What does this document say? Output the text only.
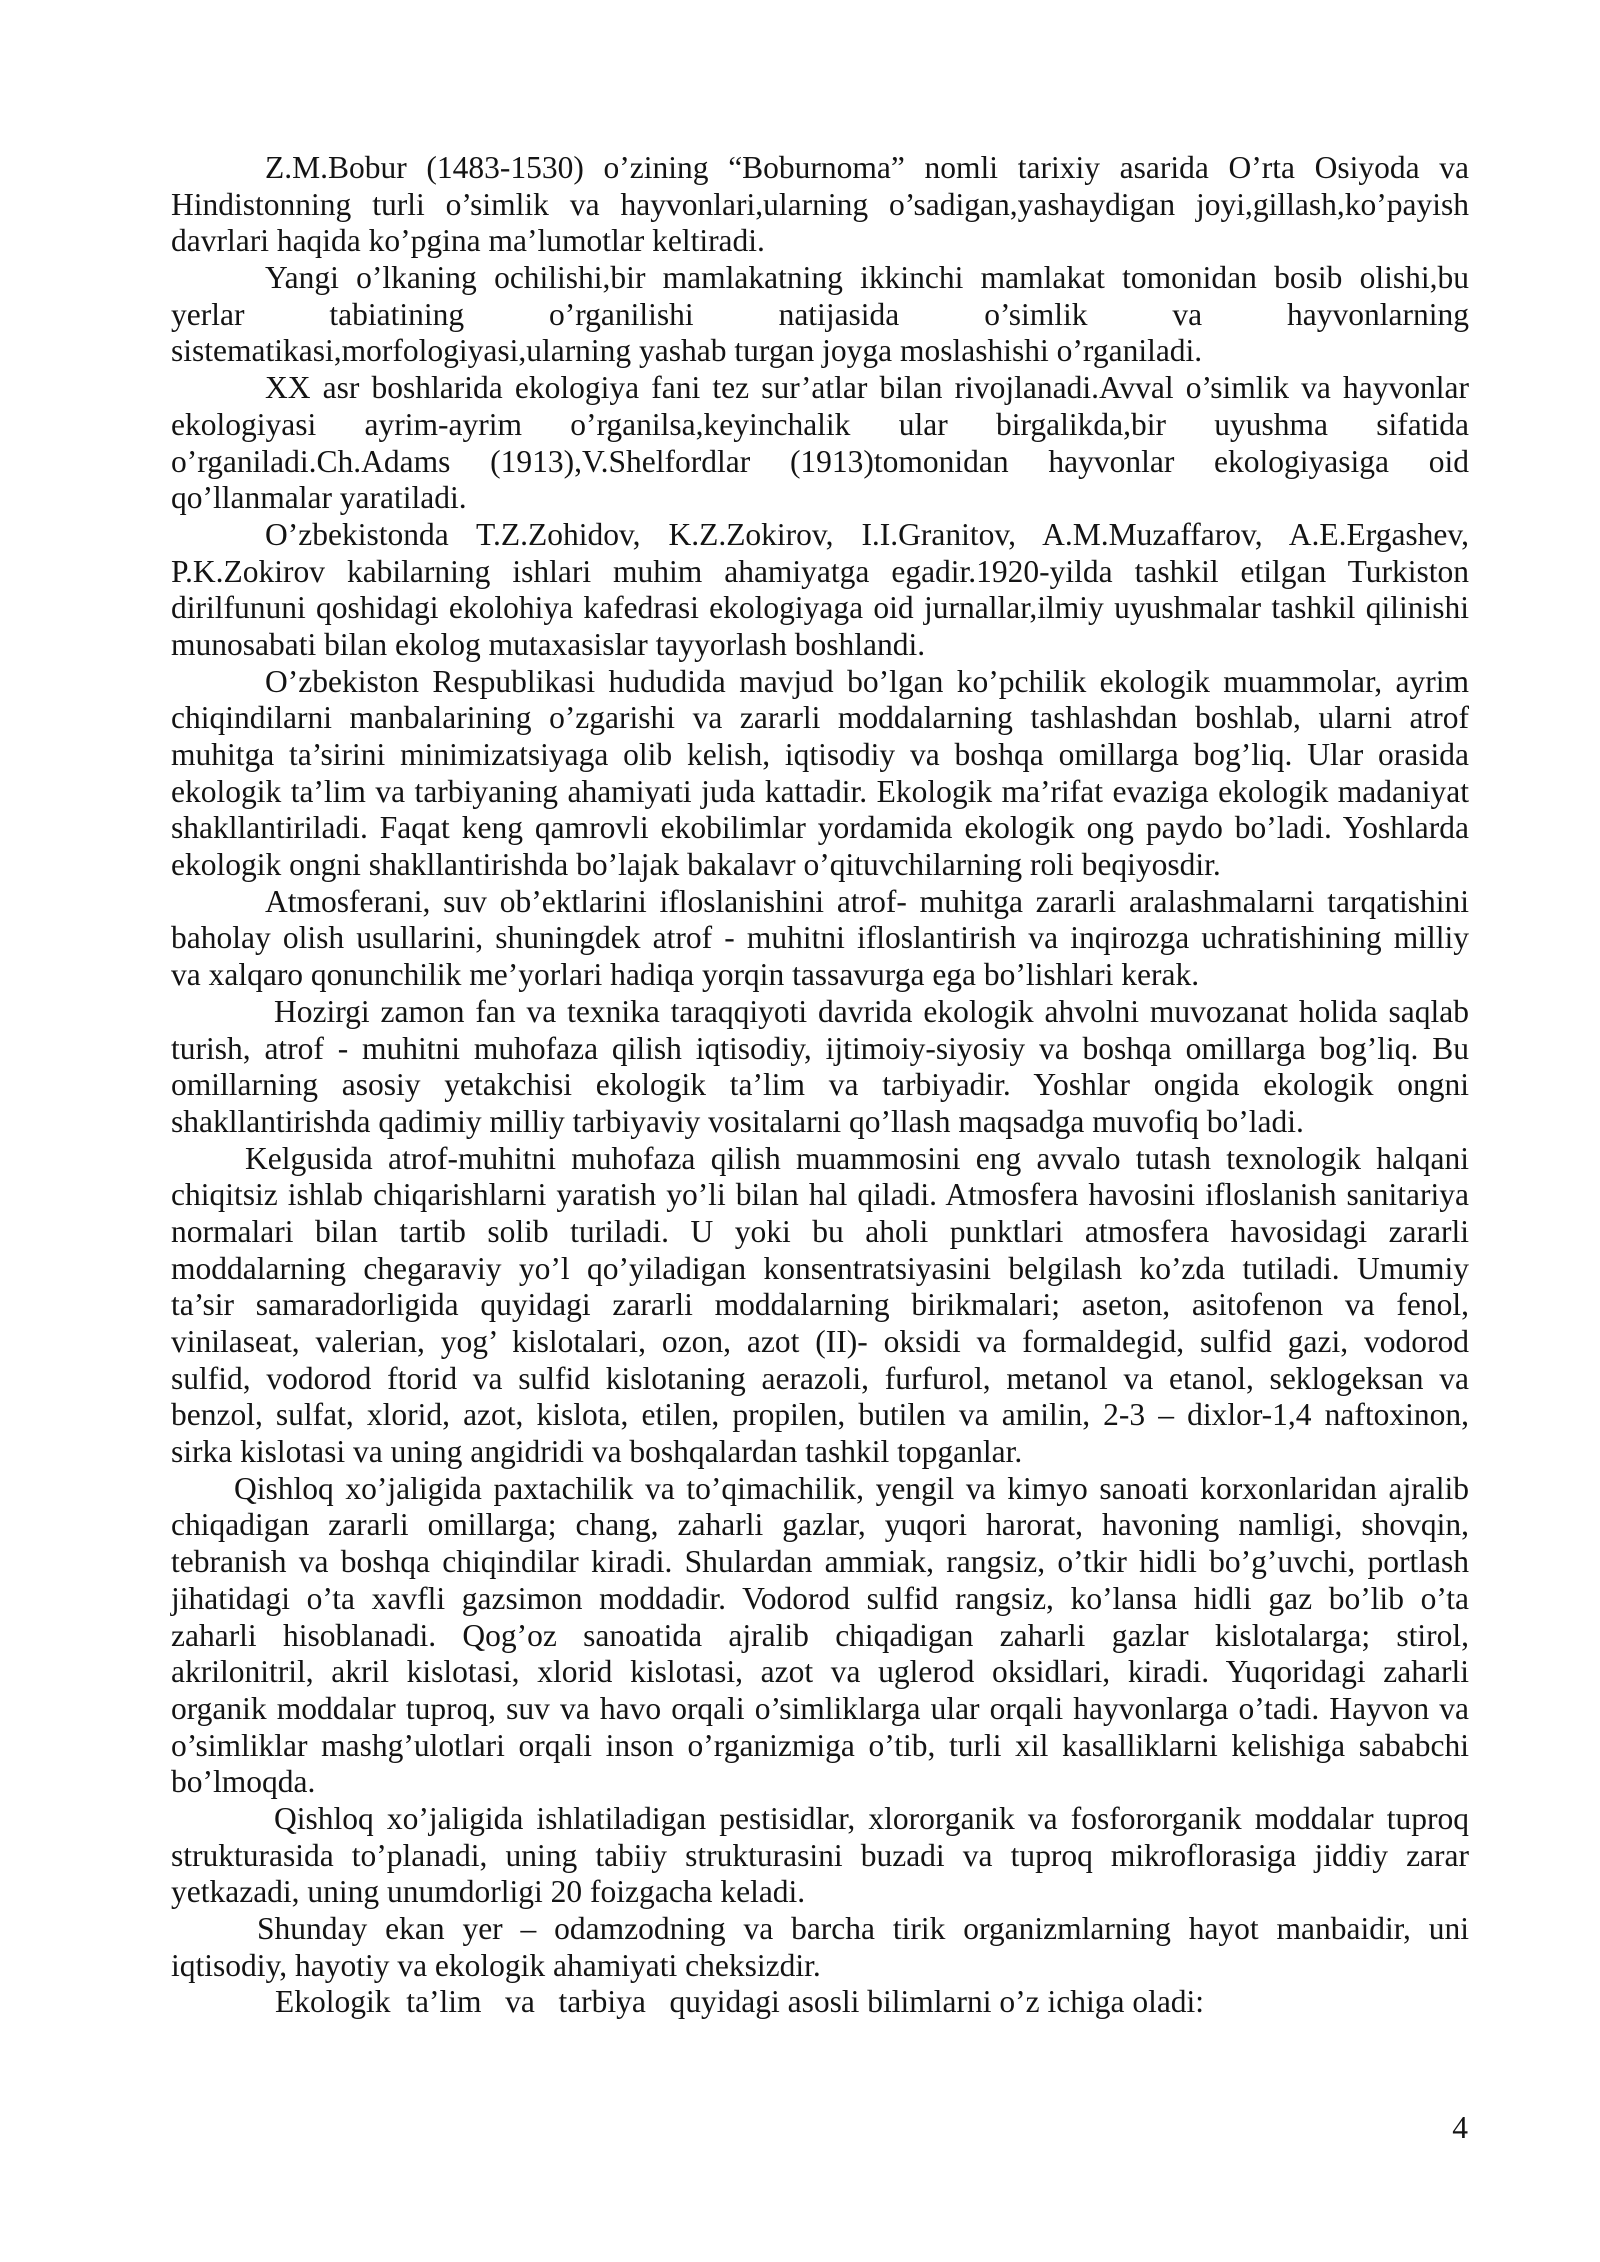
Z.M.Bobur (1483-1530) o’zining “Boburnoma” nomli tarixiy asarida O’rta Osiyoda va
Hindistonning turli o’simlik va hayvonlari,ularning o’sadigan,yashaydigan joyi,gillash,ko’payish
davrlari haqida ko’pgina ma’lumotlar keltiradi.
Yangi o’lkaning ochilishi,bir mamlakatning ikkinchi mamlakat tomonidan bosib olishi,bu
yerlar tabiatining o’rganilishi natijasida o’simlik va hayvonlarning
sistematikasi,morfologiyasi,ularning yashab turgan joyga moslashishi o’rganiladi.
XX asr boshlarida ekologiya fani tez sur’atlar bilan rivojlanadi.Avval o’simlik va hayvonlar
ekologiyasi ayrim-ayrim o’rganilsa,keyinchalik ular birgalikda,bir uyushma sifatida
o’rganiladi.Ch.Adams (1913),V.Shelfordlar (1913)tomonidan hayvonlar ekologiyasiga oid
qo’llanmalar yaratiladi.
O’zbekistonda T.Z.Zohidov, K.Z.Zokirov, I.I.Granitov, A.M.Muzaffarov, A.E.Ergashev,
P.K.Zokirov kabilarning ishlari muhim ahamiyatga egadir.1920-yilda tashkil etilgan Turkiston
dirilfununi qoshidagi ekolohiya kafedrasi ekologiyaga oid jurnallar,ilmiy uyushmalar tashkil qilinishi
munosabati bilan ekolog mutaxasislar tayyorlash boshlandi.
O’zbekiston Respublikasi hududida mavjud bo’lgan ko’pchilik ekologik muammolar, ayrim
chiqindilarni manbalarining o’zgarishi va zararli moddalarning tashlashdan boshlab, ularni atrof
muhitga ta’sirini minimizatsiyaga olib kelish, iqtisodiy va boshqa omillarga bog’liq. Ular orasida
ekologik ta’lim va tarbiyaning ahamiyati juda kattadir. Ekologik ma’rifat evaziga ekologik madaniyat
shakllantiriladi. Faqat keng qamrovli ekobilimlar yordamida ekologik ong paydo bo’ladi. Yoshlarda
ekologik ongni shakllantirishda bo’lajak bakalavr o’qituvchilarning roli beqiyosdir.
Atmosferani, suv ob’ektlarini ifloslanishini atrof- muhitga zararli aralashmalarni tarqatishini
baholay olish usullarini, shuningdek atrof - muhitni ifloslantirish va inqirozga uchratishining milliy
va xalqaro qonunchilik me’yorlari hadiqa yorqin tassavurga ega bo’lishlari kerak.
Hozirgi zamon fan va texnika taraqqiyoti davrida ekologik ahvolni muvozanat holida saqlab
turish, atrof - muhitni muhofaza qilish iqtisodiy, ijtimoiy-siyosiy va boshqa omillarga bog’liq. Bu
omillarning asosiy yetakchisi ekologik ta’lim va tarbiyadir. Yoshlar ongida ekologik ongni
shakllantirishda qadimiy milliy tarbiyaviy vositalarni qo’llash maqsadga muvofiq bo’ladi.
Kelgusida atrof-muhitni muhofaza qilish muammosini eng avvalo tutash texnologik halqani
chiqitsiz ishlab chiqarishlarni yaratish yo’li bilan hal qiladi. Atmosfera havosini ifloslanish sanitariya
normalari bilan tartib solib turiladi. U yoki bu aholi punktlari atmosfera havosidagi zararli
moddalarning chegaraviy yo’l qo’yiladigan konsentratsiyasini belgilash ko’zda tutiladi. Umumiy
ta’sir samaradorligida quyidagi zararli moddalarning birikmalari; aseton, asitofenon va fenol,
vinilaseat, valerian, yog’ kislotalari, ozon, azot (II)- oksidi va formaldegid, sulfid gazi, vodorod
sulfid, vodorod ftorid va sulfid kislotaning aerazoli, furfurol, metanol va etanol, seklogeksan va
benzol, sulfat, xlorid, azot, kislota, etilen, propilen, butilen va amilin, 2-3 – dixlor-1,4 naftoxinon,
sirka kislotasi va uning angidridi va boshqalardan tashkil topganlar.
Qishloq xo’jaligida paxtachilik va to’qimachilik, yengil va kimyo sanoati korxonlaridan ajralib
chiqadigan zararli omillarga; chang, zaharli gazlar, yuqori harorat, havoning namligi, shovqin,
tebranish va boshqa chiqindilar kiradi. Shulardan ammiak, rangsiz, o’tkir hidli bo’g’uvchi, portlash
jihatidagi o’ta xavfli gazsimon moddadir. Vodorod sulfid rangsiz, ko’lansa hidli gaz bo’lib o’ta
zaharli hisoblanadi. Qog’oz sanoatida ajralib chiqadigan zaharli gazlar kislotalarga; stirol,
akrilonitril, akril kislotasi, xlorid kislotasi, azot va uglerod oksidlari, kiradi. Yuqoridagi zaharli
organik moddalar tuproq, suv va havo orqali o’simliklarga ular orqali hayvonlarga o’tadi. Hayvon va
o’simliklar mashg’ulotlari orqali inson o’rganizmiga o’tib, turli xil kasalliklarni kelishiga sababchi
bo’lmoqda.
Qishloq xo’jaligida ishlatiladigan pestisidlar, xlororganik va fosfororganik moddalar tuproq
strukturasida to’planadi, uning tabiiy strukturasini buzadi va tuproq mikroflorasiga jiddiy zarar
yetkazadi, uning unumdorligi 20 foizgacha keladi.
Shunday ekan yer – odamzodning va barcha tirik organizmlarning hayot manbaidir, uni
iqtisodiy, hayotiy va ekologik ahamiyati cheksizdir.
Ekologik  ta’lim   va   tarbiya   quyidagi asosli bilimlarni o’z ichiga oladi:
4
